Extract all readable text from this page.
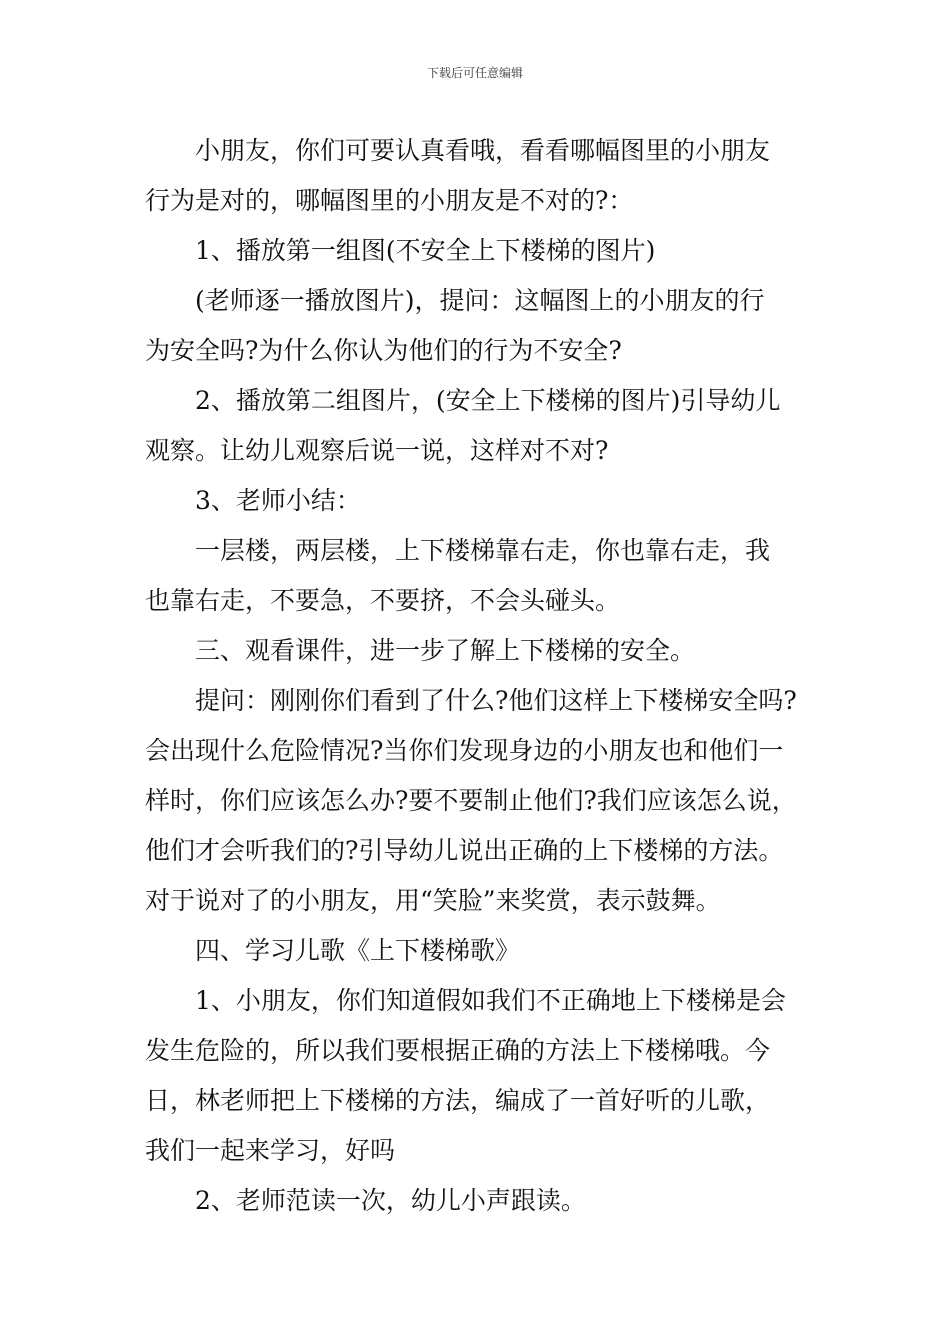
下载后可任意编辑

小朋友，你们可要认真看哦，看看哪幅图里的小朋友

行为是对的，哪幅图里的小朋友是不对的?：

1、播放第一组图(不安全上下楼梯的图片)

(老师逐一播放图片)，提问：这幅图上的小朋友的行

为安全吗?为什么你认为他们的行为不安全?

2、播放第二组图片，(安全上下楼梯的图片)引导幼儿

观察。让幼儿观察后说一说，这样对不对?

3、老师小结：

一层楼，两层楼，上下楼梯靠右走，你也靠右走，我

也靠右走，不要急，不要挤，不会头碰头。

三、观看课件，进一步了解上下楼梯的安全。

提问：刚刚你们看到了什么?他们这样上下楼梯安全吗?

会出现什么危险情况?当你们发现身边的小朋友也和他们一

样时，你们应该怎么办?要不要制止他们?我们应该怎么说，

他们才会听我们的?引导幼儿说出正确的上下楼梯的方法。

对于说对了的小朋友，用“笑脸”来奖赏，表示鼓舞。

四、学习儿歌《上下楼梯歌》

1、小朋友，你们知道假如我们不正确地上下楼梯是会

发生危险的，所以我们要根据正确的方法上下楼梯哦。今

日，林老师把上下楼梯的方法，编成了一首好听的儿歌，

我们一起来学习，好吗

2、老师范读一次，幼儿小声跟读。
